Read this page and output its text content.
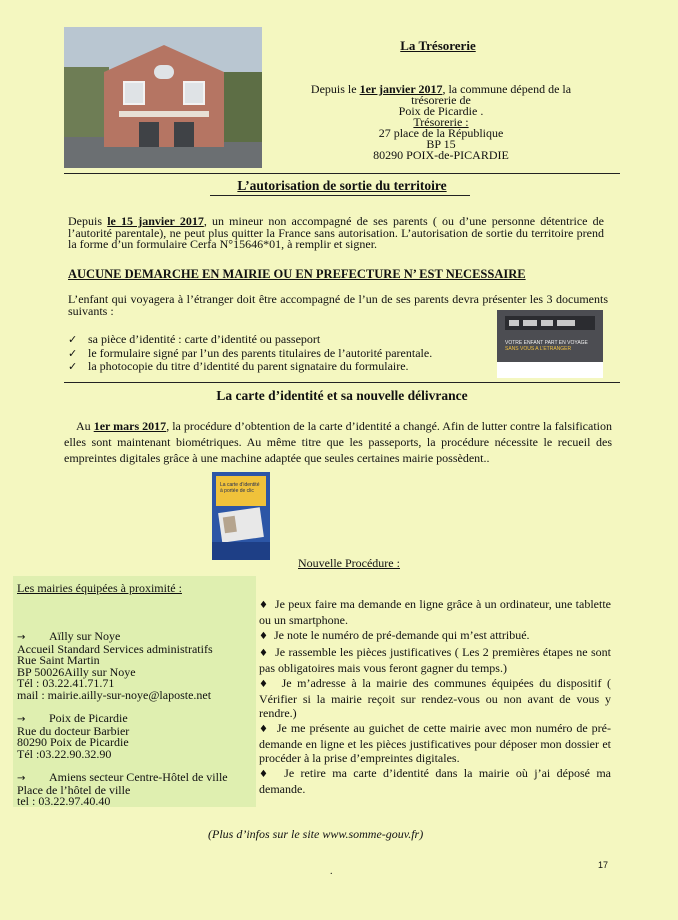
La Trésorerie
Depuis le 1er janvier 2017, la commune dépend de la
trésorerie de
Poix de Picardie .
Trésorerie :
27 place de la République
BP 15
80290 POIX-de-PICARDIE
L’autorisation de sortie du territoire
Depuis le 15 janvier 2017, un mineur non accompagné de ses parents ( ou d’une personne détentrice de l’autorité parentale), ne peut plus quitter la France sans autorisation. L’autorisation de sortie du territoire prend la forme d’un formulaire Cerfa N°15646*01, à remplir et signer.
AUCUNE DEMARCHE EN MAIRIE OU EN PREFECTURE N’ EST NECESSAIRE
L’enfant qui voyagera à l’étranger doit être accompagné de l’un de ses parents devra présenter les 3 documents suivants :
✓ sa pièce d’identité : carte d’identité ou passeport
✓ le formulaire signé par l’un des parents titulaires de l’autorité parentale.
✓ la photocopie du titre d’identité du parent signataire du formulaire.
VOTRE ENFANT PART EN VOYAGE
SANS VOUS A L’ETRANGER
La carte d’identité et sa nouvelle délivrance
Au 1er mars 2017, la procédure d’obtention de la carte d’identité a changé. Afin de lutter contre la falsification elles sont maintenant biométriques. Au même titre que les passeports, la procédure nécessite le recueil des empreintes digitales grâce à une machine adaptée que seules certaines mairie possèdent..
La carte d’identité
à portée de clic
Nouvelle Procédure :
Les mairies équipées à proximité :
→ Aïlly sur Noye
Accueil Standard Services administratifs
Rue Saint Martin
BP 50026Ailly sur Noye
Tél : 03.22.41.71.71
mail : mairie.ailly-sur-noye@laposte.net
→ Poix de Picardie
Rue du docteur Barbier
80290 Poix de Picardie
Tél :03.22.90.32.90
→ Amiens secteur Centre-Hôtel de ville
Place de l’hôtel de ville
tel : 03.22.97.40.40

♦ Je peux faire ma demande en ligne grâce à un ordinateur, une tablette ou un smartphone.

♦ Je note le numéro de pré-demande qui m’est attribué.

♦ Je rassemble les pièces justificatives ( Les 2 premières étapes ne sont pas obligatoires mais vous feront gagner du temps.)

♦ Je m’adresse à la mairie des communes équipées du dispositif ( Vérifier si la mairie reçoit sur rendez-vous ou non avant de vous y rendre.)

♦ Je me présente au guichet de cette mairie avec mon numéro de pré-demande en ligne et les pièces justificatives pour déposer mon dossier et procéder à la prise d’empreintes digitales.

♦ Je retire ma carte d’identité dans la mairie où j’ai déposé ma demande.

(Plus d’infos sur le site www.somme-gouv.fr)
.
17
